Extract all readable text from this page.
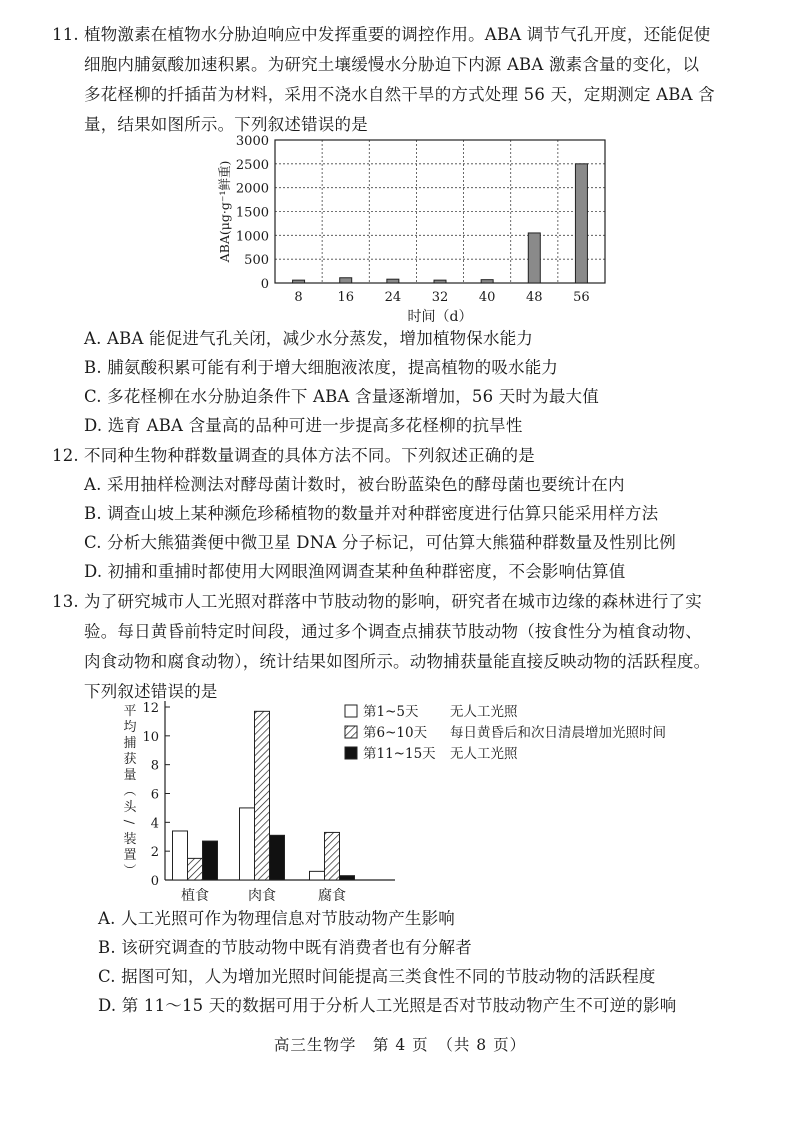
11. 植物激素在植物水分胁迫响应中发挥重要的调控作用。ABA 调节气孔开度，还能促使
细胞内脯氨酸加速积累。为研究土壤缓慢水分胁迫下内源 ABA 激素含量的变化，以
多花柽柳的扦插苗为材料，采用不浇水自然干旱的方式处理 56 天，定期测定 ABA 含
量，结果如图所示。下列叙述错误的是
0
500
1000
1500
2000
2500
3000
8	16 24 32 40 48 56
时间（d）
ABA(μg·g⁻¹鲜重)
A. ABA 能促进气孔关闭，减少水分蒸发，增加植物保水能力
B. 脯氨酸积累可能有利于增大细胞液浓度，提高植物的吸水能力
C. 多花柽柳在水分胁迫条件下 ABA 含量逐渐增加，56 天时为最大值
D. 选育 ABA 含量高的品种可进一步提高多花柽柳的抗旱性
12. 不同种生物种群数量调查的具体方法不同。下列叙述正确的是
A. 采用抽样检测法对酵母菌计数时，被台盼蓝染色的酵母菌也要统计在内
B. 调查山坡上某种濒危珍稀植物的数量并对种群密度进行估算只能采用样方法
C. 分析大熊猫粪便中微卫星 DNA 分子标记，可估算大熊猫种群数量及性别比例
D. 初捕和重捕时都使用大网眼渔网调查某种鱼种群密度，不会影响估算值
13. 为了研究城市人工光照对群落中节肢动物的影响，研究者在城市边缘的森林进行了实
验。每日黄昏前特定时间段，通过多个调查点捕获节肢动物（按食性分为植食动物、
肉食动物和腐食动物），统计结果如图所示。动物捕获量能直接反映动物的活跃程度。
下列叙述错误的是
0
2
4
6
8
10
12
平
均
捕
获
量
（
头
/
装
置
）
植食	肉食	腐食
第1~5天 无人工光照
第6~10天 每日黄昏后和次日清晨增加光照时间
第11~15天 无人工光照
A. 人工光照可作为物理信息对节肢动物产生影响
B. 该研究调查的节肢动物中既有消费者也有分解者
C. 据图可知，人为增加光照时间能提高三类食性不同的节肢动物的活跃程度
D. 第 11～15 天的数据可用于分析人工光照是否对节肢动物产生不可逆的影响
高三生物学　第 4 页　（共 8 页）
